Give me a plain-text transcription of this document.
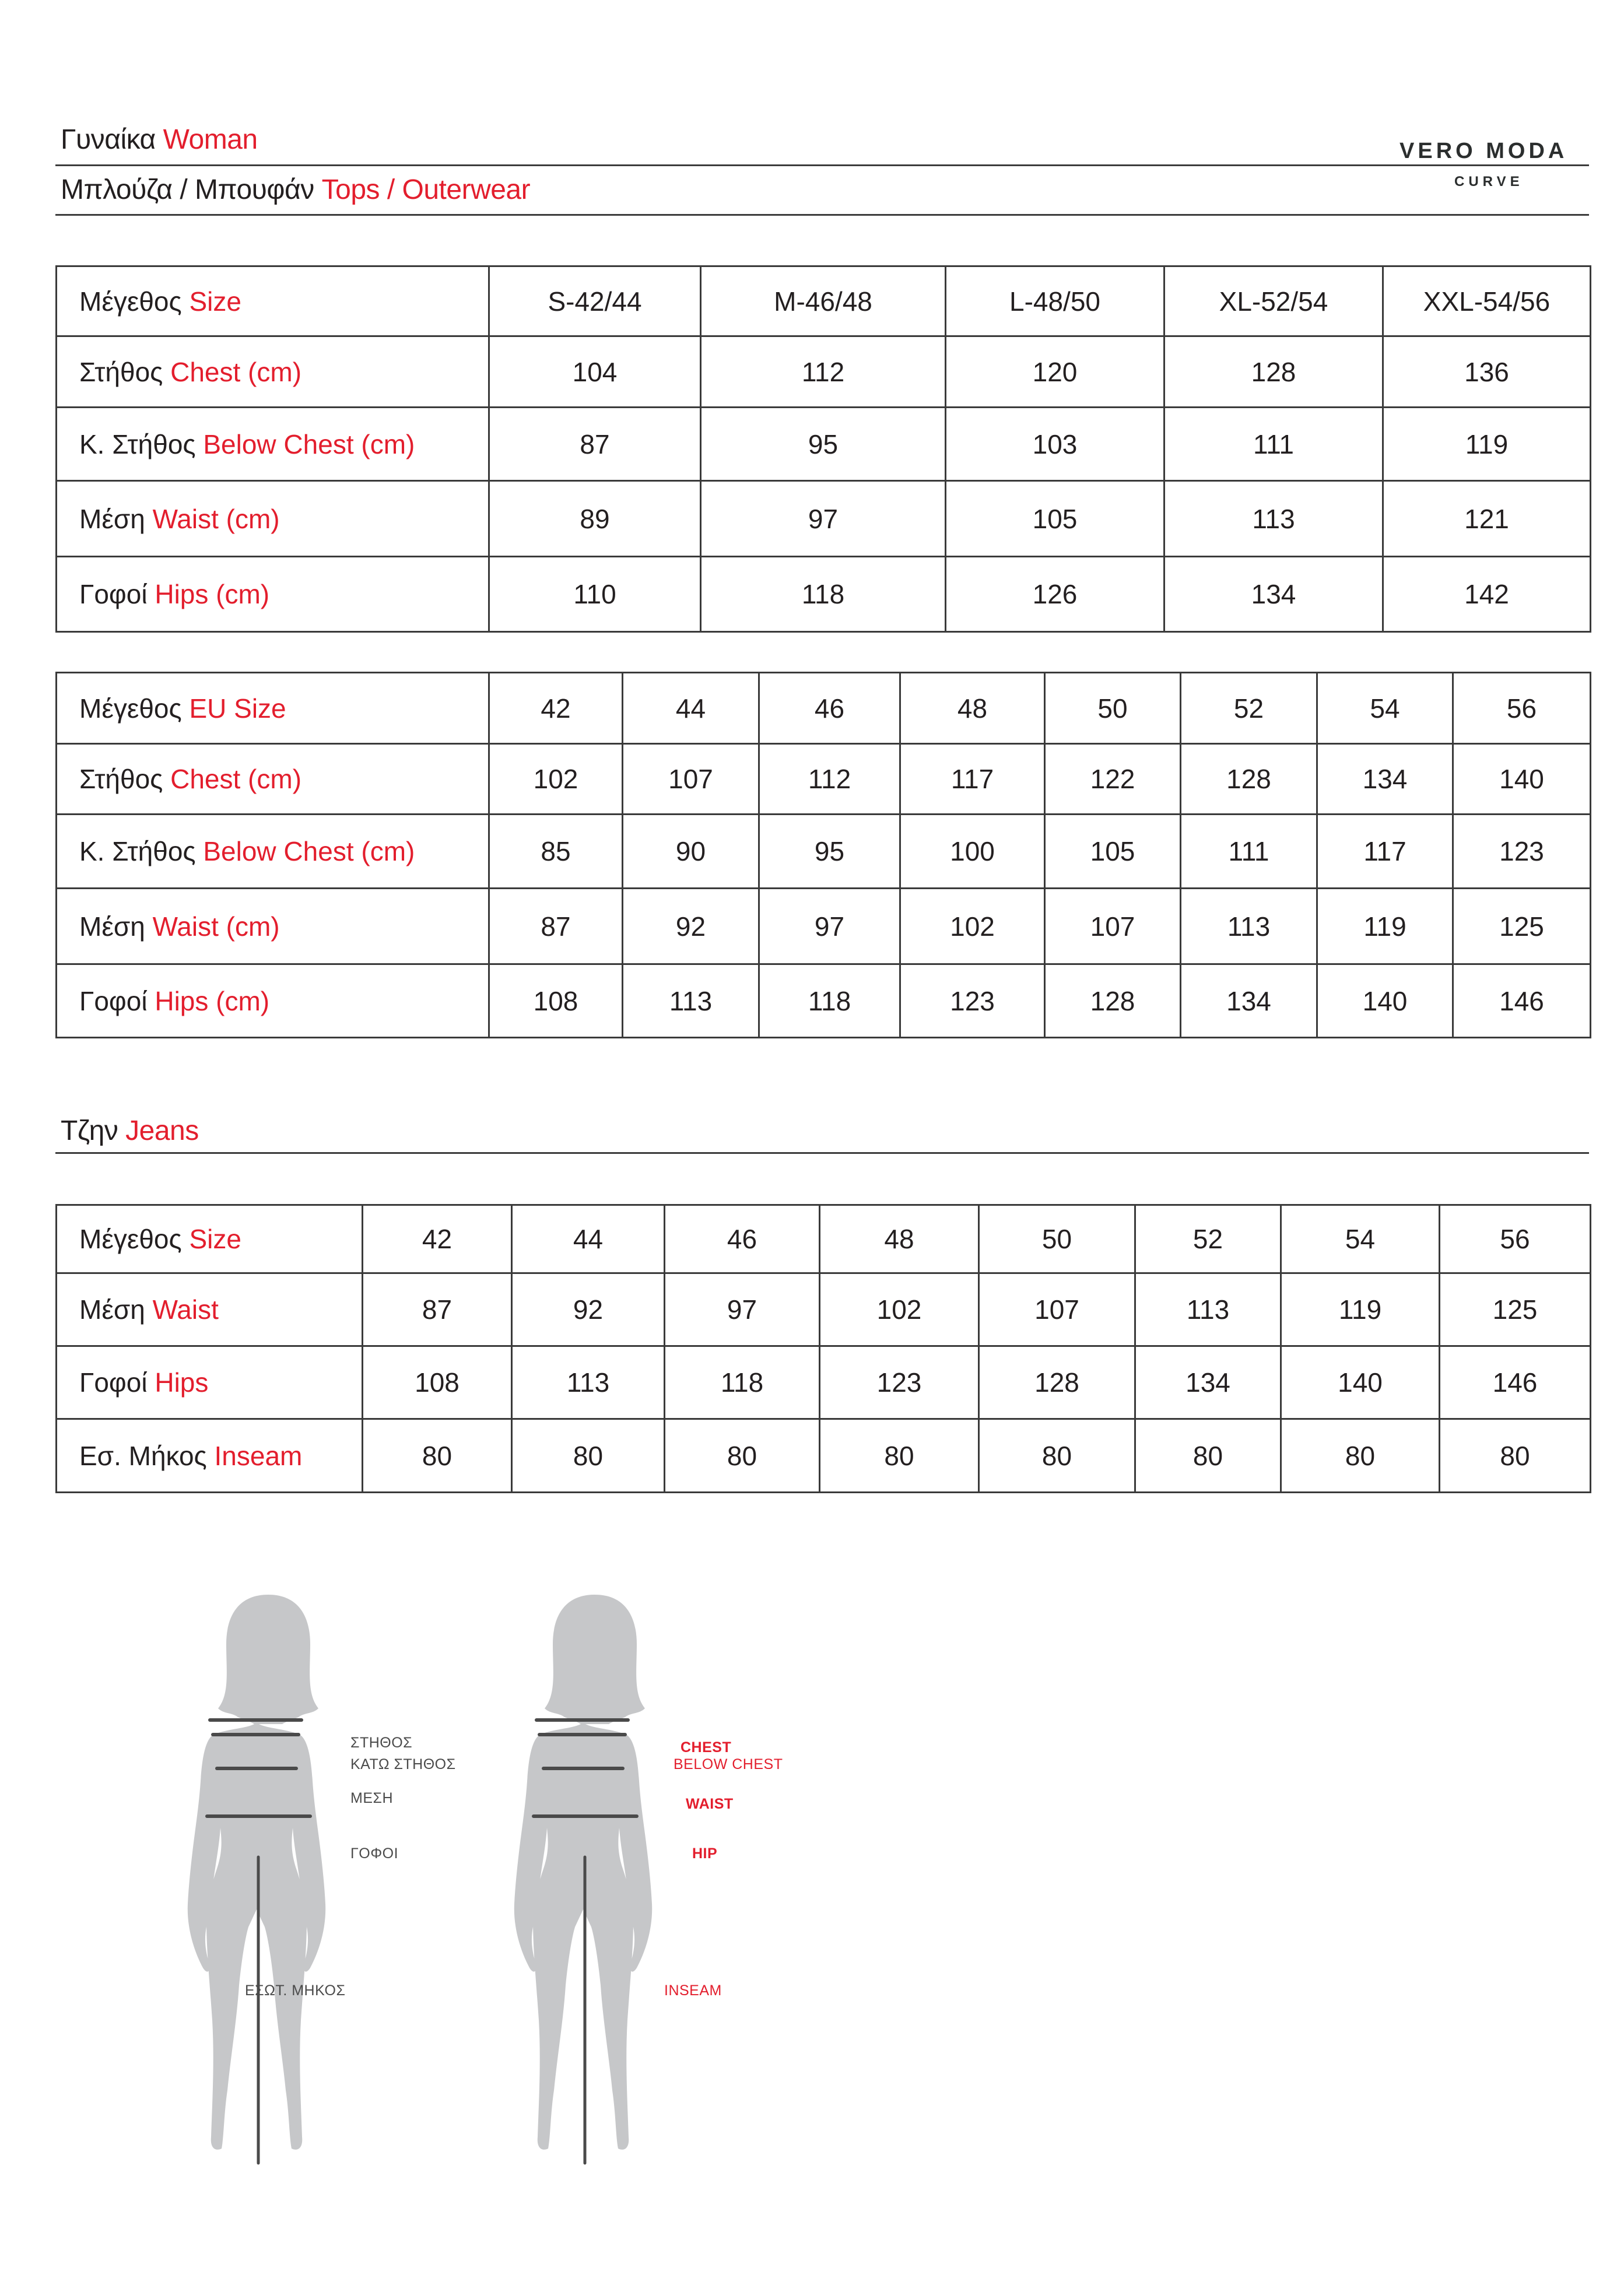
Γυναίκα Woman
Μπλούζα / Μπουφάν Tops / Outerwear
VERO MODA
CURVE
Μέγεθος Size	S-42/44	M-46/48	L-48/50	XL-52/54	XXL-54/56
Στήθος Chest (cm)	104	112	120	128	136
Κ. Στήθος Below Chest (cm)	87	95	103	111	119
Μέση Waist (cm)	89	97	105	113	121
Γοφοί Hips (cm)	110	118	126	134	142
Μέγεθος EU Size	42	44	46	48	50	52	54	56
Στήθος Chest (cm)	102	107	112	117	122	128	134	140
Κ. Στήθος Below Chest (cm)	85	90	95	100	105	111	117	123
Μέση Waist (cm)	87	92	97	102	107	113	119	125
Γοφοί Hips (cm)	108	113	118	123	128	134	140	146
Τζην Jeans
Μέγεθος Size	42	44	46	48	50	52	54	56
Μέση Waist	87	92	97	102	107	113	119	125
Γοφοί Hips	108	113	118	123	128	134	140	146
Εσ. Μήκος Inseam	80	80	80	80	80	80	80	80
ΣΤΗΘΟΣ
ΚΑΤΩ ΣΤΗΘΟΣ
ΜΕΣΗ
ΓΟΦΟΙ
ΕΣΩΤ. ΜΗΚΟΣ
CHEST
BELOW CHEST
WAIST
HIP
INSEAM
